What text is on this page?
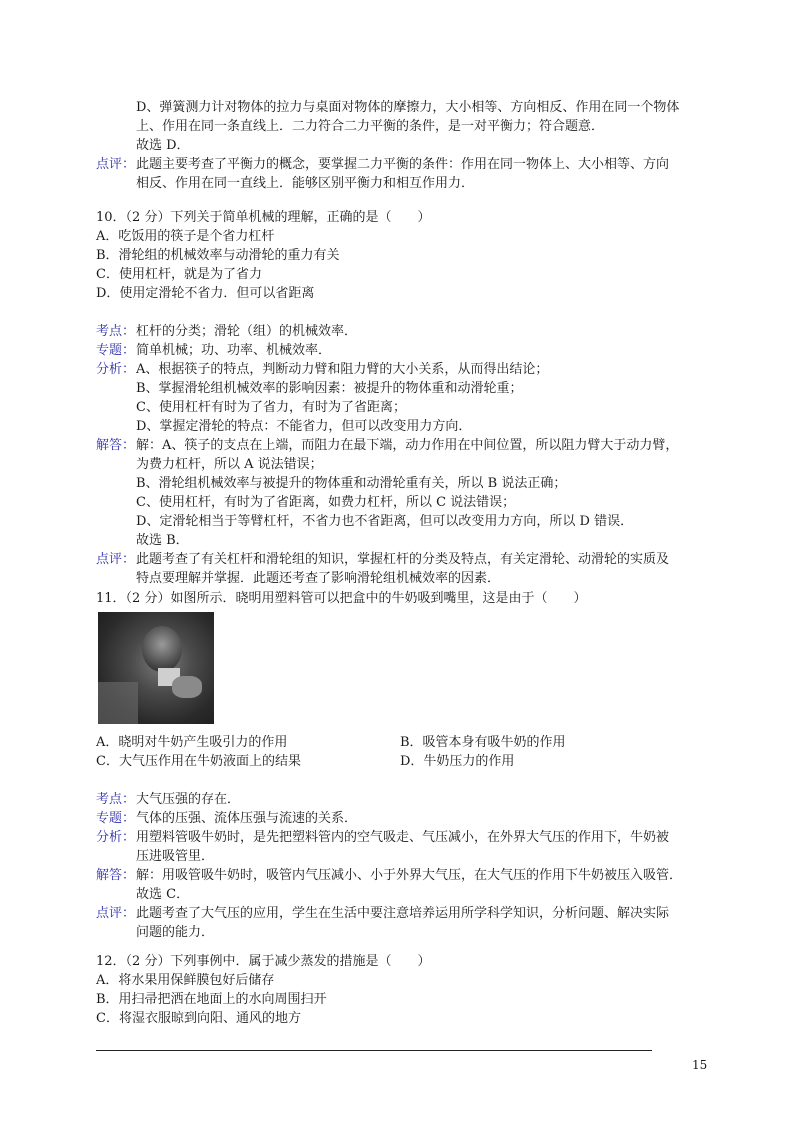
D、弹簧测力计对物体的拉力与桌面对物体的摩擦力，大小相等、方向相反、作用在同一个物体
上、作用在同一条直线上．二力符合二力平衡的条件，是一对平衡力；符合题意．
故选 D．
点评： 此题主要考查了平衡力的概念，要掌握二力平衡的条件：作用在同一物体上、大小相等、方向
相反、作用在同一直线上．能够区别平衡力和相互作用力．
10．（2 分）下列关于简单机械的理解，正确的是（　　）
A．吃饭用的筷子是个省力杠杆
B．滑轮组的机械效率与动滑轮的重力有关
C．使用杠杆，就是为了省力
D．使用定滑轮不省力．但可以省距离
考点： 杠杆的分类；滑轮（组）的机械效率．
专题： 简单机械；功、功率、机械效率．
分析： A、根据筷子的特点，判断动力臂和阻力臂的大小关系，从而得出结论；
B、掌握滑轮组机械效率的影响因素：被提升的物体重和动滑轮重；
C、使用杠杆有时为了省力，有时为了省距离；
D、掌握定滑轮的特点：不能省力，但可以改变用力方向．
解答： 解：A、筷子的支点在上端，而阻力在最下端，动力作用在中间位置，所以阻力臂大于动力臂，
为费力杠杆，所以 A 说法错误；
B、滑轮组机械效率与被提升的物体重和动滑轮重有关，所以 B 说法正确；
C、使用杠杆，有时为了省距离，如费力杠杆，所以 C 说法错误；
D、定滑轮相当于等臂杠杆，不省力也不省距离，但可以改变用力方向，所以 D 错误．
故选 B．
点评： 此题考查了有关杠杆和滑轮组的知识，掌握杠杆的分类及特点，有关定滑轮、动滑轮的实质及
特点要理解并掌握．此题还考查了影响滑轮组机械效率的因素．
11．（2 分）如图所示．晓明用塑料管可以把盒中的牛奶吸到嘴里，这是由于（　　）
A．晓明对牛奶产生吸引力的作用	B．吸管本身有吸牛奶的作用
C．大气压作用在牛奶液面上的结果	D．牛奶压力的作用
考点： 大气压强的存在．
专题： 气体的压强、流体压强与流速的关系．
分析： 用塑料管吸牛奶时，是先把塑料管内的空气吸走、气压减小，在外界大气压的作用下，牛奶被
压进吸管里．
解答： 解：用吸管吸牛奶时，吸管内气压减小、小于外界大气压，在大气压的作用下牛奶被压入吸管．
故选 C．
点评： 此题考查了大气压的应用，学生在生活中要注意培养运用所学科学知识，分析问题、解决实际
问题的能力．
12．（2 分）下列事例中．属于减少蒸发的措施是（　　）
A．将水果用保鲜膜包好后储存
B．用扫帚把洒在地面上的水向周围扫开
C．将湿衣服晾到向阳、通风的地方
15
